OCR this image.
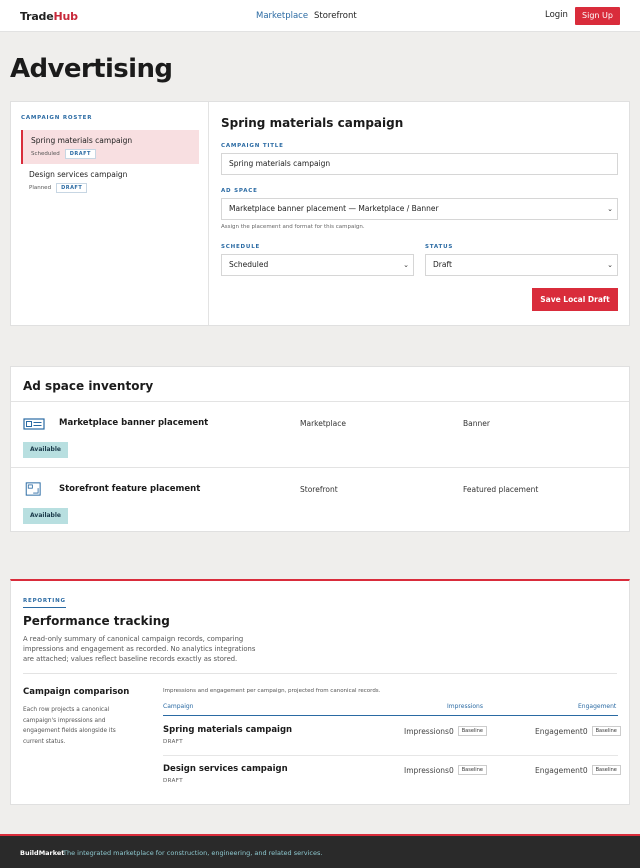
TradeHub	Marketplace Storefront	Login	Sign Up
Advertising
CAMPAIGN ROSTER
Spring materials campaign
Scheduled	DRAFT
Design services campaign
Planned	DRAFT
Spring materials campaign
CAMPAIGN TITLE
Spring materials campaign
AD SPACE
Marketplace banner placement — Marketplace / Banner	⌄
Assign the placement and format for this campaign.
SCHEDULE
Scheduled	⌄
STATUS
Draft	⌄
Save Local Draft
Ad space inventory
Marketplace banner placement	Marketplace	Banner
Available
Storefront feature placement	Storefront	Featured placement
Available
REPORTING
Performance tracking
A read-only summary of canonical campaign records, comparing impressions and engagement as recorded. No analytics integrations are attached; values reflect baseline records exactly as stored.
Campaign comparison
Each row projects a canonical campaign's impressions and engagement fields alongside its current status.
Impressions and engagement per campaign, projected from canonical records.
Campaign	Impressions	Engagement
Spring materials campaign
DRAFT
Impressions0	Baseline	Engagement0	Baseline
Design services campaign
DRAFT
Impressions0	Baseline	Engagement0	Baseline
BuildMarket
The integrated marketplace for construction, engineering, and related services.
